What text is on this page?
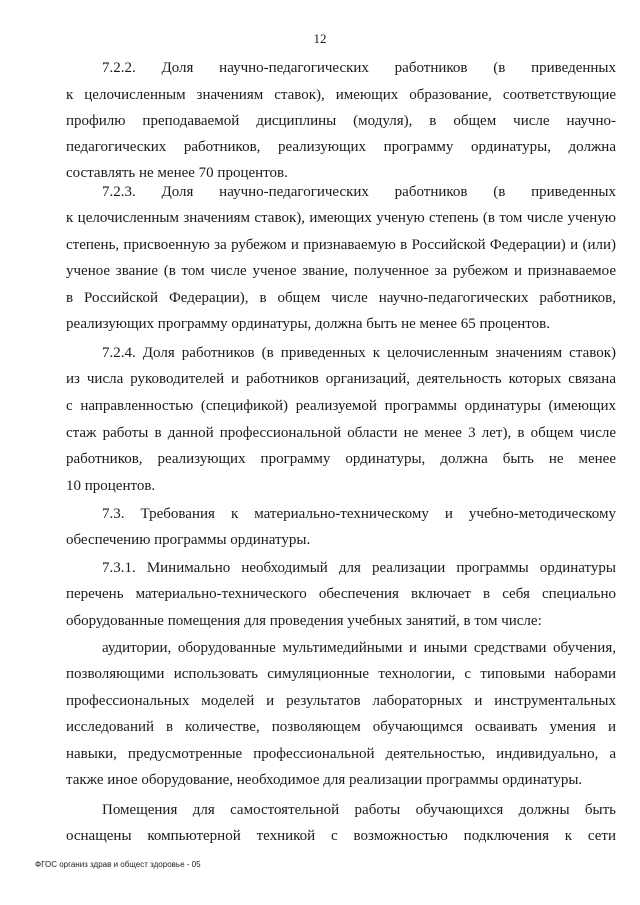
12
7.2.2. Доля научно-педагогических работников (в приведенных
к целочисленным значениям ставок), имеющих образование, соответствующие
профилю преподаваемой дисциплины (модуля), в общем числе научно-
педагогических работников, реализующих программу ординатуры, должна
составлять не менее 70 процентов.
7.2.3. Доля научно-педагогических работников (в приведенных
к целочисленным значениям ставок), имеющих ученую степень (в том числе ученую
степень, присвоенную за рубежом и признаваемую в Российской Федерации) и (или)
ученое звание (в том числе ученое звание, полученное за рубежом и признаваемое
в Российской Федерации), в общем числе научно-педагогических работников,
реализующих программу ординатуры, должна быть не менее 65 процентов.
7.2.4. Доля работников (в приведенных к целочисленным значениям ставок)
из числа руководителей и работников организаций, деятельность которых связана
с направленностью (спецификой) реализуемой программы ординатуры (имеющих
стаж работы в данной профессиональной области не менее 3 лет), в общем числе
работников, реализующих программу ординатуры, должна быть не менее
10 процентов.
7.3. Требования к материально-техническому и учебно-методическому
обеспечению программы ординатуры.
7.3.1. Минимально необходимый для реализации программы ординатуры
перечень материально-технического обеспечения включает в себя специально
оборудованные помещения для проведения учебных занятий, в том числе:
аудитории, оборудованные мультимедийными и иными средствами обучения,
позволяющими использовать симуляционные технологии, с типовыми наборами
профессиональных моделей и результатов лабораторных и инструментальных
исследований в количестве, позволяющем обучающимся осваивать умения и
навыки, предусмотренные профессиональной деятельностью, индивидуально, а
также иное оборудование, необходимое для реализации программы ординатуры.
Помещения для самостоятельной работы обучающихся должны быть
оснащены компьютерной техникой с возможностью подключения к сети
ФГОС организ здрав и общест здоровье - 05
